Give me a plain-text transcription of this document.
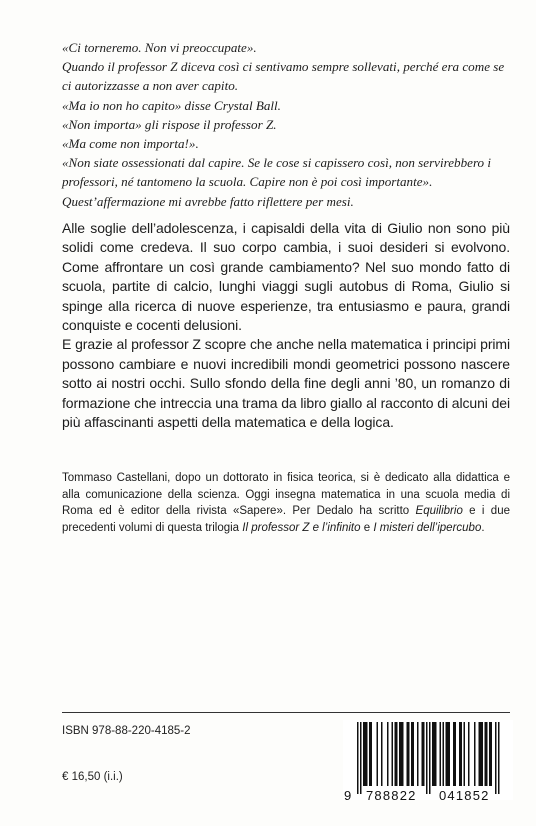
«Ci torneremo. Non vi preoccupate».

Quando il professor Z diceva così ci sentivamo sempre sollevati, perché era come se ci autorizzasse a non aver capito.

«Ma io non ho capito» disse Crystal Ball.

«Non importa» gli rispose il professor Z.

«Ma come non importa!».

«Non siate ossessionati dal capire. Se le cose si capissero così, non servirebbero i professori, né tantomeno la scuola. Capire non è poi così importante».

Quest’affermazione mi avrebbe fatto riflettere per mesi.

Alle soglie dell’adolescenza, i capisaldi della vita di Giulio non sono più solidi come credeva. Il suo corpo cambia, i suoi desideri si evolvono. Come affrontare un così grande cambiamento? Nel suo mondo fatto di scuola, partite di calcio, lunghi viaggi sugli autobus di Roma, Giulio si spinge alla ricerca di nuove esperienze, tra entusiasmo e paura, grandi conquiste e cocenti delusioni.

E grazie al professor Z scopre che anche nella matematica i principi primi possono cambiare e nuovi incredibili mondi geometrici possono nascere sotto ai nostri occhi. Sullo sfondo della fine degli anni ’80, un romanzo di formazione che intreccia una trama da libro giallo al racconto di alcuni dei più affascinanti aspetti della matematica e della logica.

Tommaso Castellani, dopo un dottorato in fisica teorica, si è dedicato alla didattica e alla comunicazione della scienza. Oggi insegna matematica in una scuola media di Roma ed è editor della rivista «Sapere». Per Dedalo ha scritto Equilibrio e i due precedenti volumi di questa trilogia Il professor Z e l’infinito e I misteri dell’ipercubo.

ISBN 978-88-220-4185-2
€ 16,50 (i.i.)
9 788822 041852
